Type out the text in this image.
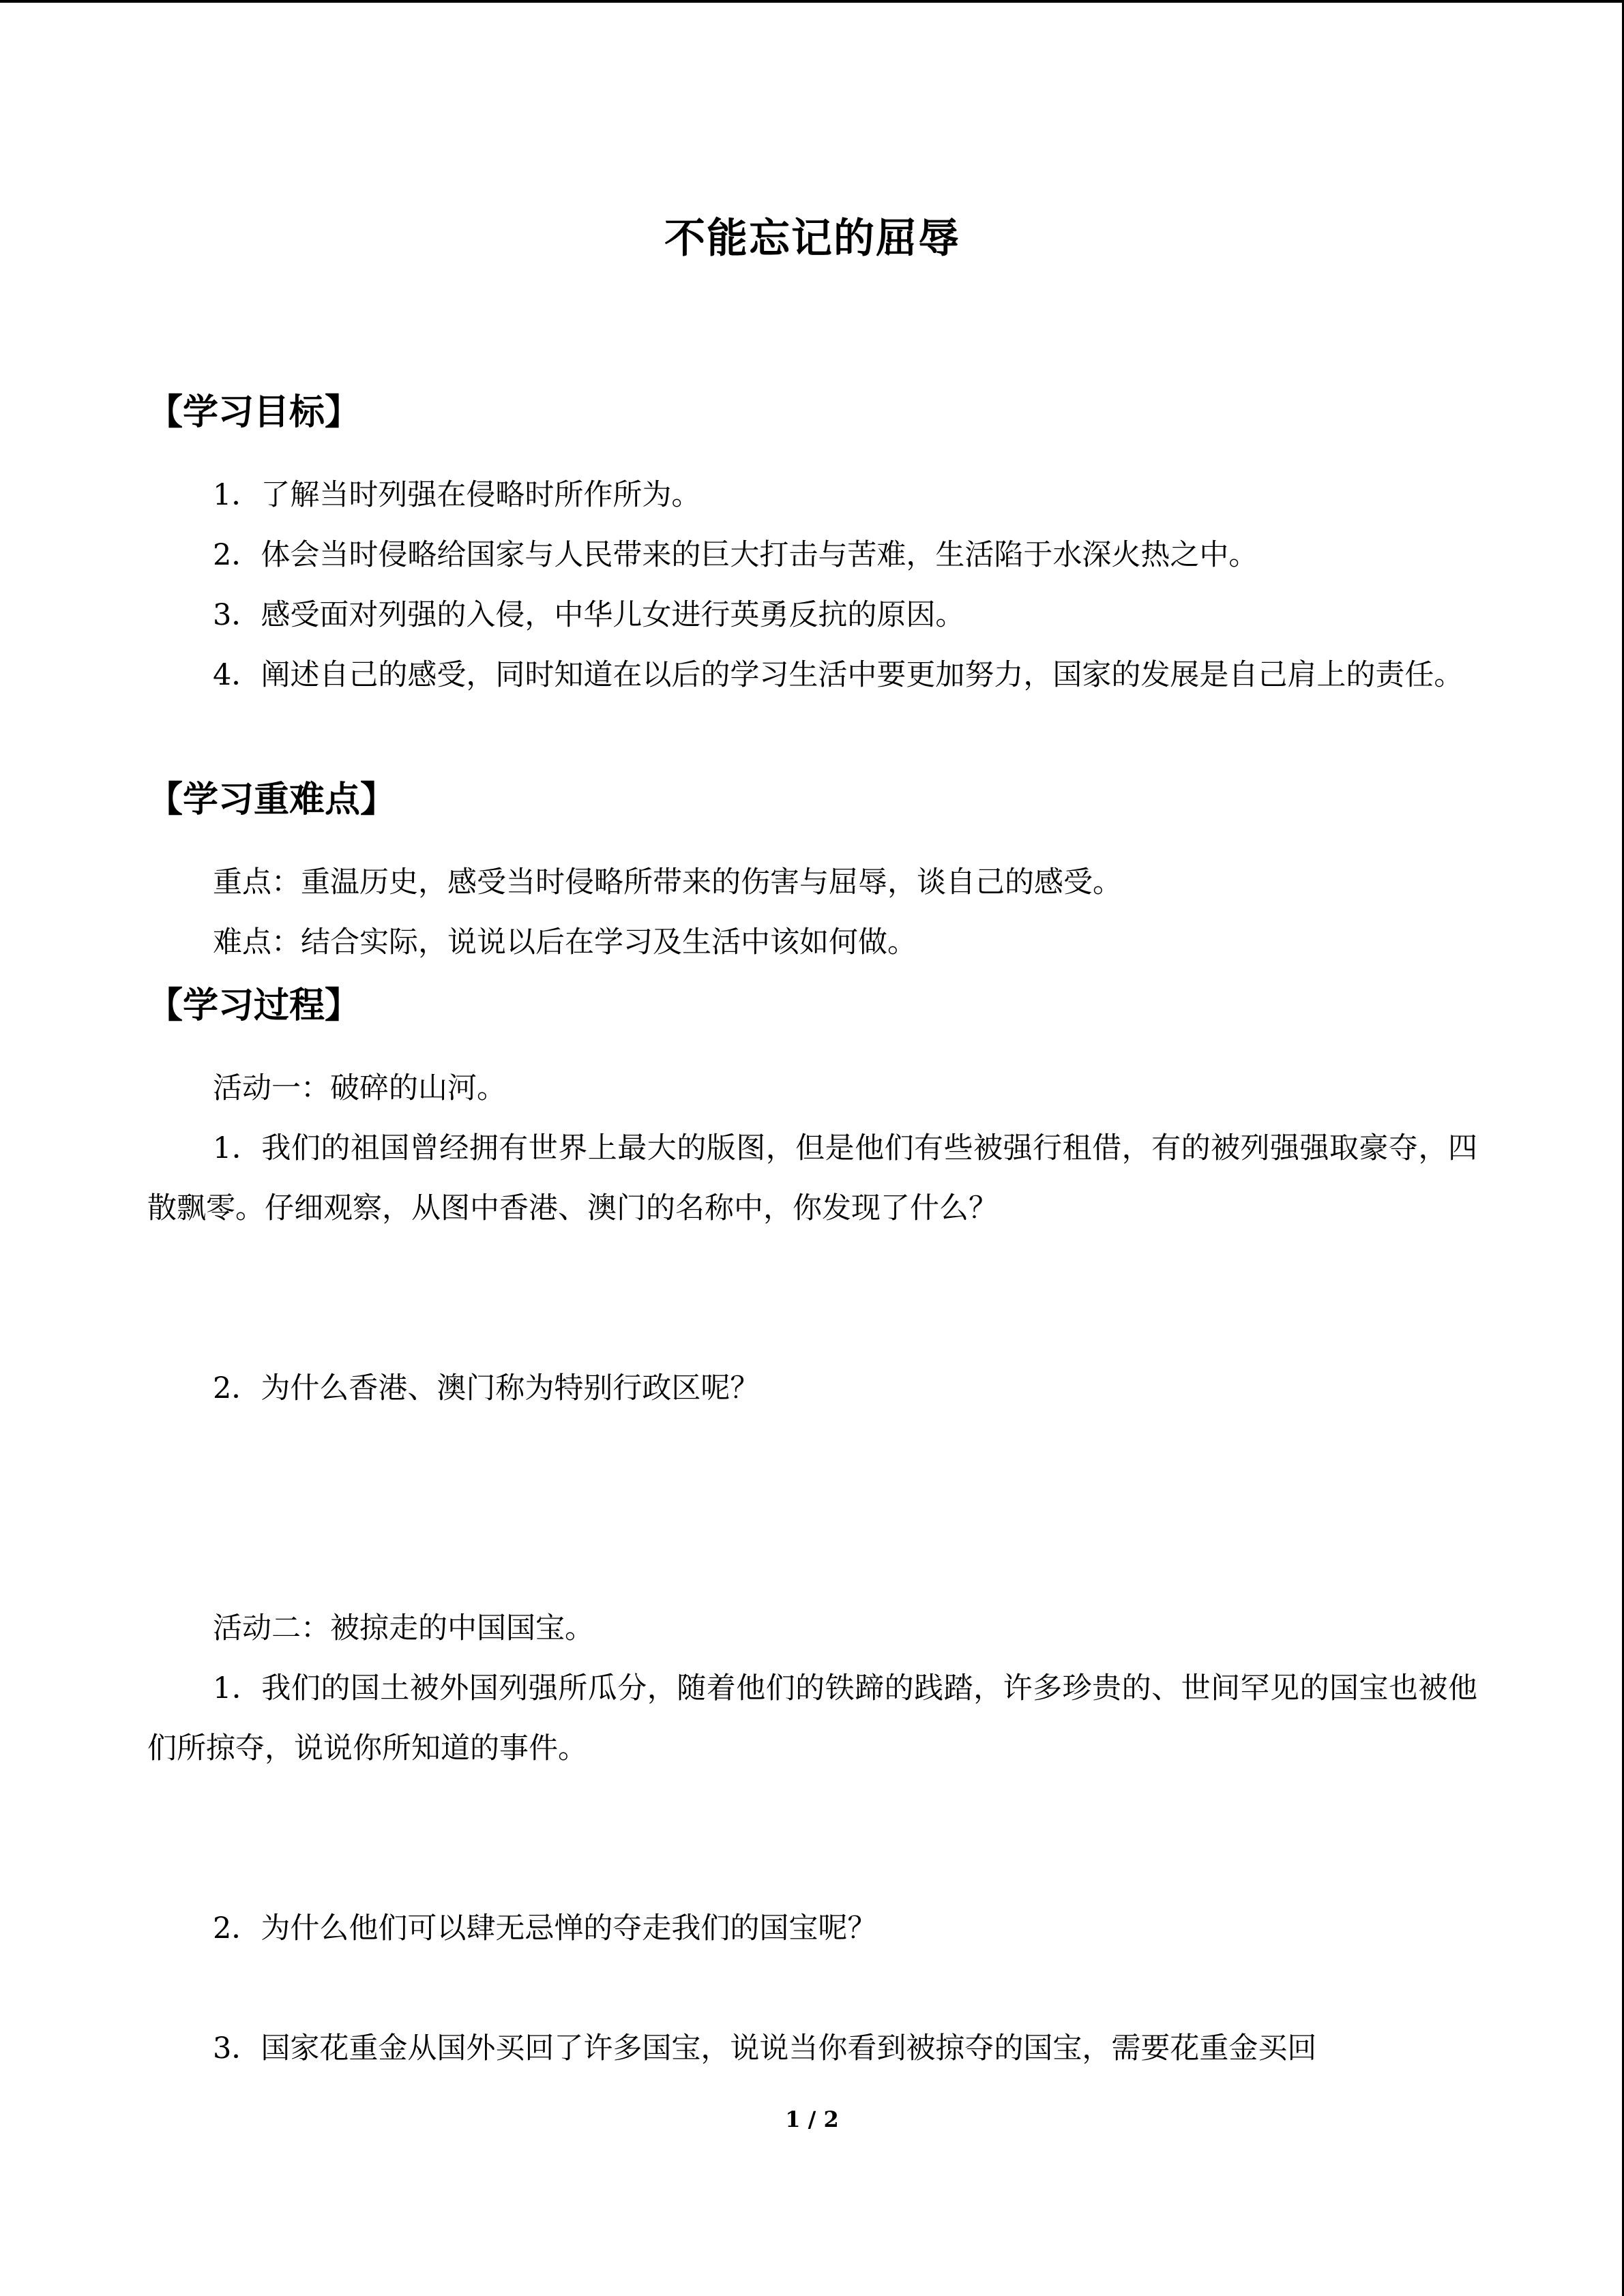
不能忘记的屈辱
【学习目标】
1．了解当时列强在侵略时所作所为。
2．体会当时侵略给国家与人民带来的巨大打击与苦难，生活陷于水深火热之中。
3．感受面对列强的入侵，中华儿女进行英勇反抗的原因。
4．阐述自己的感受，同时知道在以后的学习生活中要更加努力，国家的发展是自己肩上的责任。
【学习重难点】
重点：重温历史，感受当时侵略所带来的伤害与屈辱，谈自己的感受。
难点：结合实际，说说以后在学习及生活中该如何做。
【学习过程】
活动一：破碎的山河。
1．我们的祖国曾经拥有世界上最大的版图，但是他们有些被强行租借，有的被列强强取豪夺，四散飘零。仔细观察，从图中香港、澳门的名称中，你发现了什么？
2．为什么香港、澳门称为特别行政区呢？
活动二：被掠走的中国国宝。
1．我们的国土被外国列强所瓜分，随着他们的铁蹄的践踏，许多珍贵的、世间罕见的国宝也被他们所掠夺，说说你所知道的事件。
2．为什么他们可以肆无忌惮的夺走我们的国宝呢？
3．国家花重金从国外买回了许多国宝，说说当你看到被掠夺的国宝，需要花重金买回
1 / 2
